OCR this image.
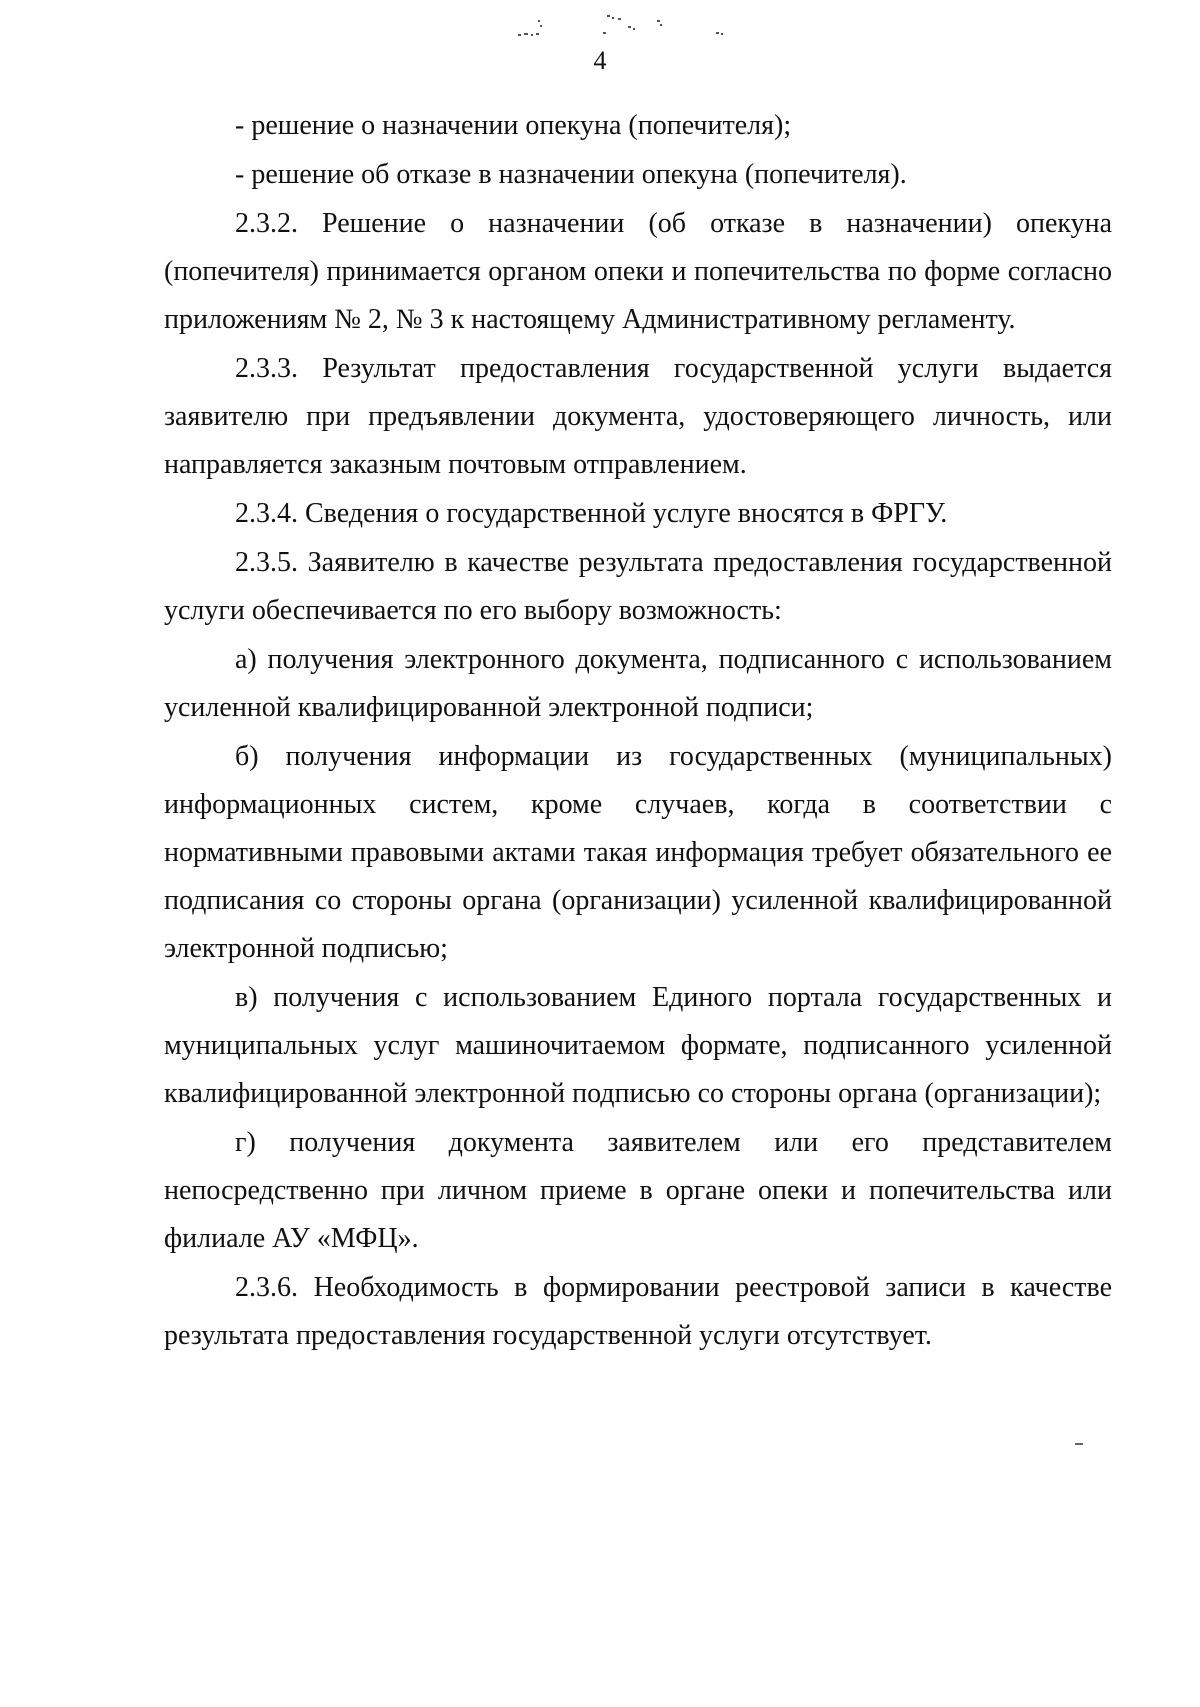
4

- решение о назначении опекуна (попечителя);

- решение об отказе в назначении опекуна (попечителя).

2.3.2. Решение о назначении (об отказе в назначении) опекуна (попечителя) принимается органом опеки и попечительства по форме согласно приложениям № 2, № 3 к настоящему Административному регламенту.

2.3.3. Результат предоставления государственной услуги выдается заявителю при предъявлении документа, удостоверяющего личность, или направляется заказным почтовым отправлением.

2.3.4. Сведения о государственной услуге вносятся в ФРГУ.

2.3.5. Заявителю в качестве результата предоставления государственной услуги обеспечивается по его выбору возможность:

а) получения электронного документа, подписанного с использованием усиленной квалифицированной электронной подписи;

б) получения информации из государственных (муниципальных) информационных систем, кроме случаев, когда в соответствии с нормативными правовыми актами такая информация требует обязательного ее подписания со стороны органа (организации) усиленной квалифицированной электронной подписью;

в) получения с использованием Единого портала государственных и муниципальных услуг машиночитаемом формате, подписанного усиленной квалифицированной электронной подписью со стороны органа (организации);

г) получения документа заявителем или его представителем непосредственно при личном приеме в органе опеки и попечительства или филиале АУ «МФЦ».

2.3.6. Необходимость в формировании реестровой записи в качестве результата предоставления государственной услуги отсутствует.
